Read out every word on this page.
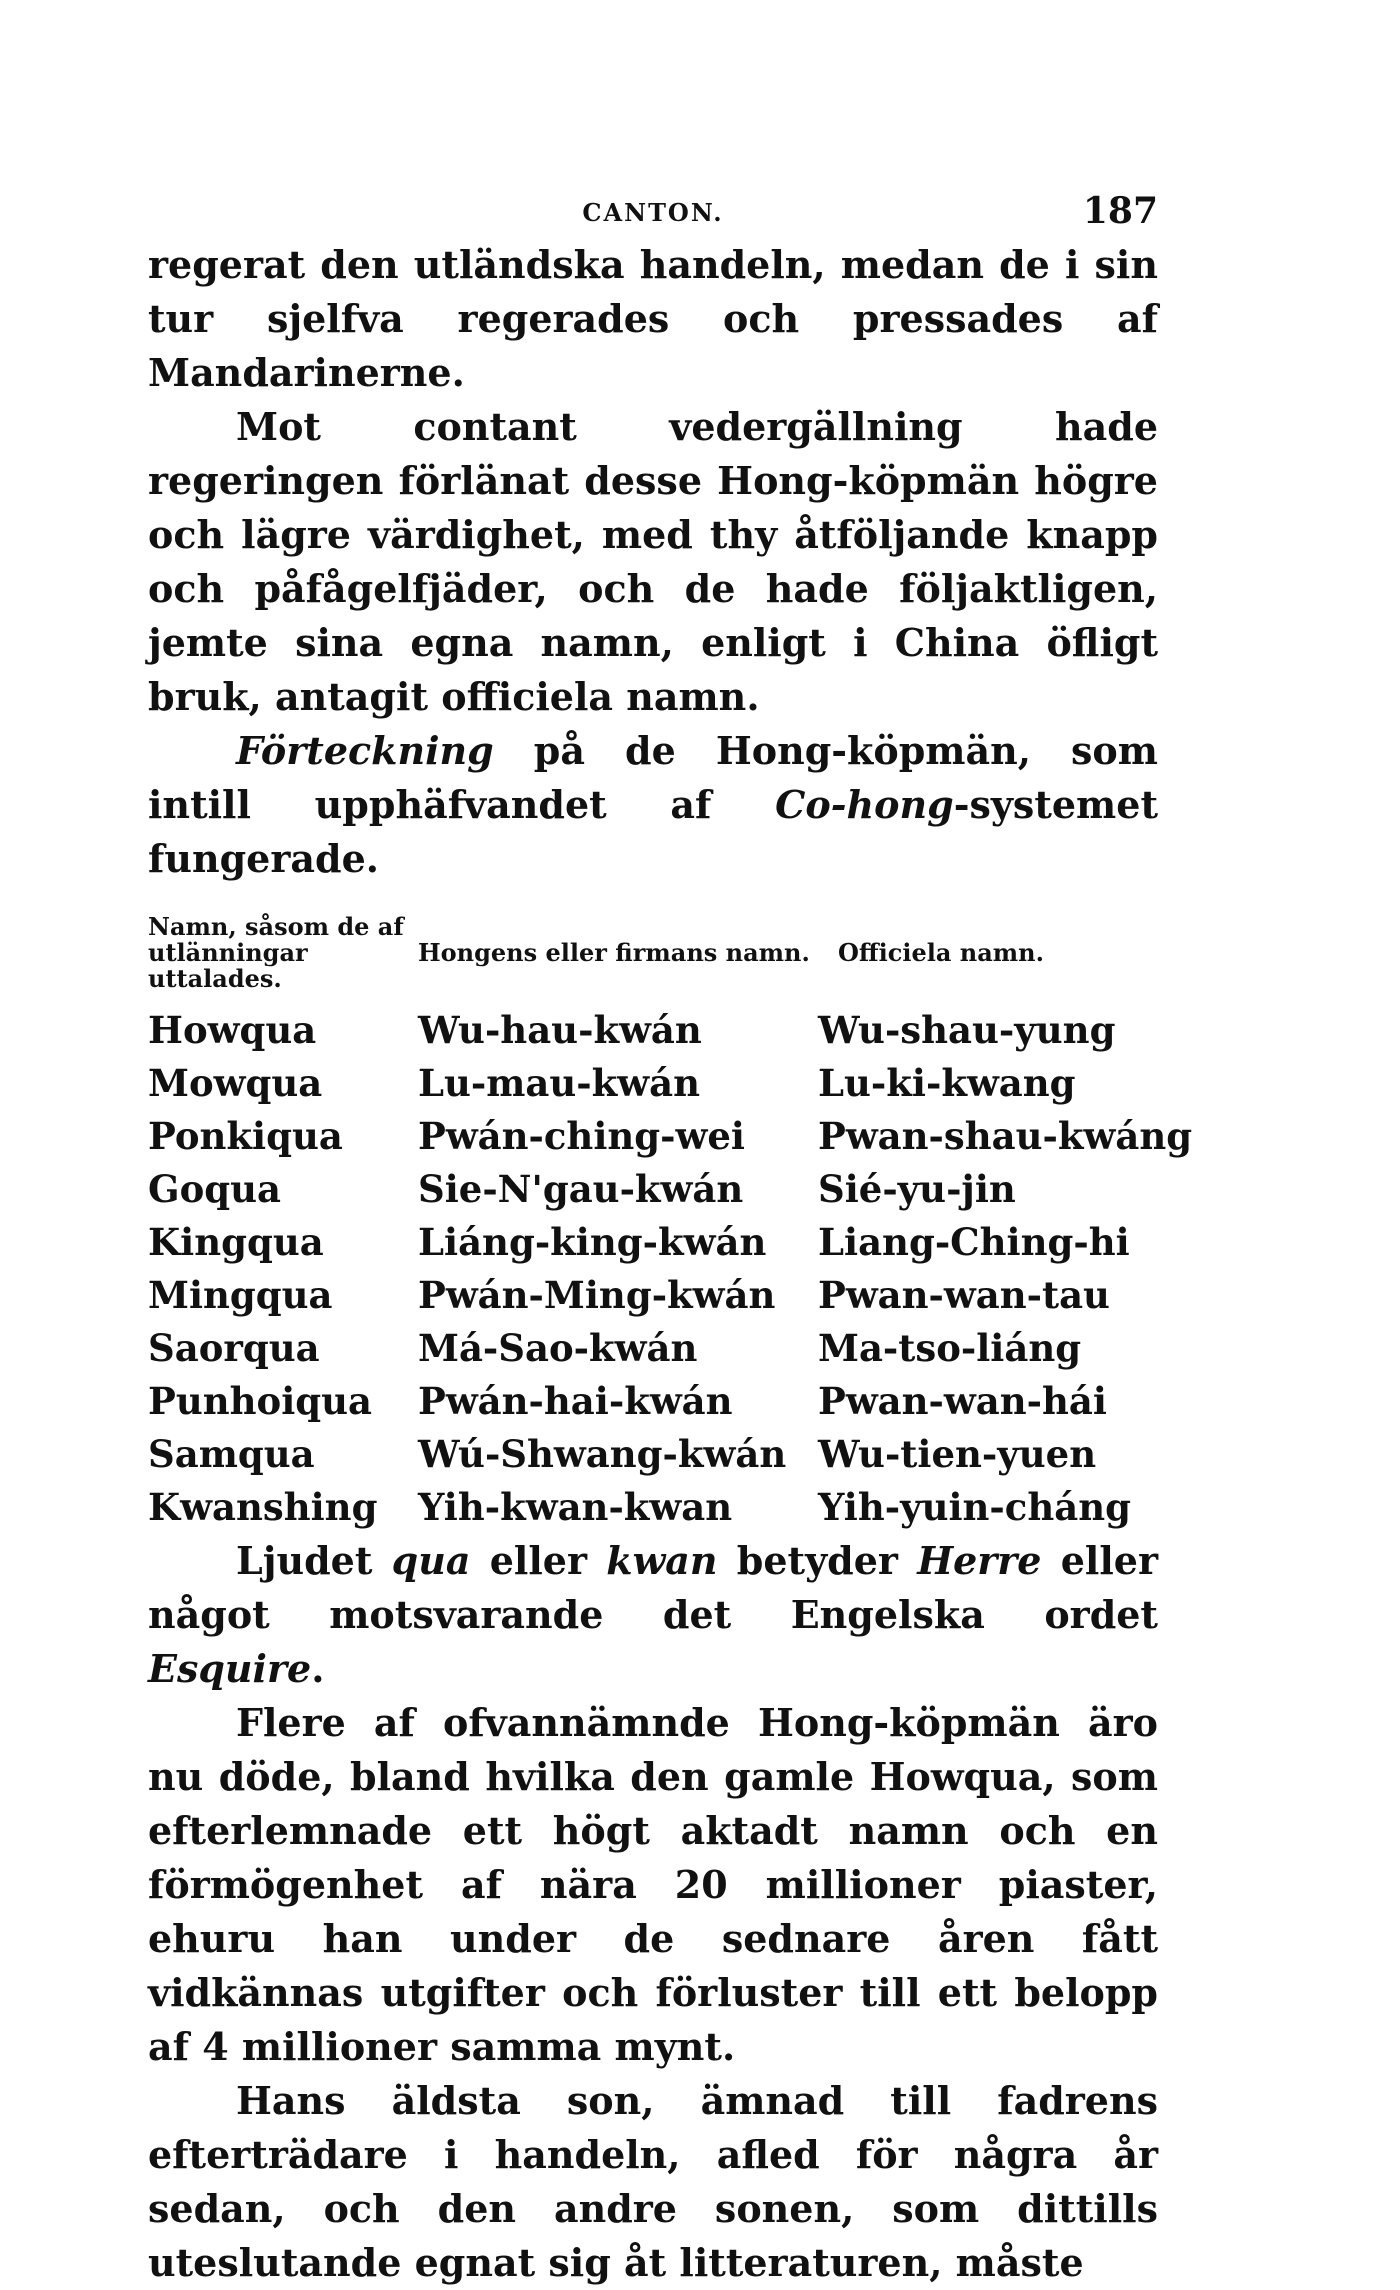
CANTON.	187

regerat den utländska handeln, medan de i sin tur sjelfva regerades och pressades af Mandarinerne.

Mot contant vedergällning hade regeringen förlänat desse Hong-köpmän högre och lägre värdighet, med thy åtföljande knapp och påfågelfjäder, och de hade följaktligen, jemte sina egna namn, enligt i China öfligt bruk, antagit officiela namn.

Förteckning på de Hong-köpmän, som intill upphäfvandet af Co-hong-systemet fungerade.

Namn, såsom de af utlänningar uttalades.
Hongens eller firmans namn.	Officiela namn.
Howqua	Wu-hau-kwán	Wu-shau-yung
Mowqua	Lu-mau-kwán	Lu-ki-kwang
Ponkiqua	Pwán-ching-wei	Pwan-shau-kwáng
Goqua	Sie-N'gau-kwán	Sié-yu-jin
Kingqua	Liáng-king-kwán	Liang-Ching-hi
Mingqua	Pwán-Ming-kwán	Pwan-wan-tau
Saorqua	Má-Sao-kwán	Ma-tso-liáng
Punhoiqua	Pwán-hai-kwán	Pwan-wan-hái
Samqua	Wú-Shwang-kwán Wu-tien-yuen
Kwanshing	Yih-kwan-kwan	Yih-yuin-cháng

Ljudet qua eller kwan betyder Herre eller något motsvarande det Engelska ordet Esquire.

Flere af ofvannämnde Hong-köpmän äro nu döde, bland hvilka den gamle Howqua, som efterlemnade ett högt aktadt namn och en förmögenhet af nära 20 millioner piaster, ehuru han under de sednare åren fått vidkännas utgifter och förluster till ett belopp af 4 millioner samma mynt.

Hans äldsta son, ämnad till fadrens efterträdare i handeln, afled för några år sedan, och den andre sonen, som dittills uteslutande egnat sig åt litteraturen, måste
